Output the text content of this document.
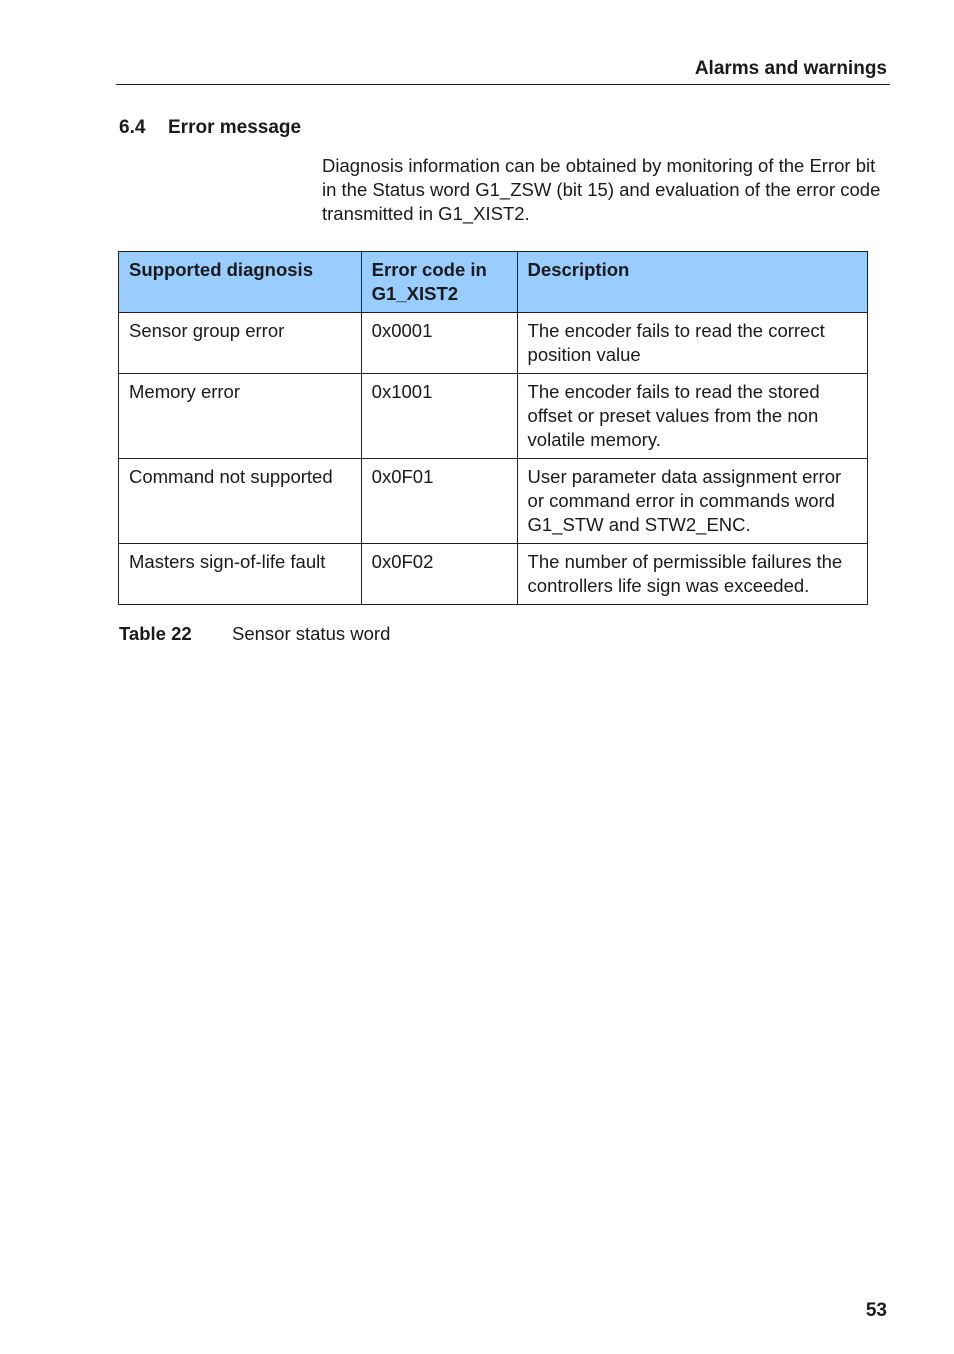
Alarms and warnings
6.4 Error message
Diagnosis information can be obtained by monitoring of the Error bit in the Status word G1_ZSW (bit 15) and evaluation of the error code transmitted in G1_XIST2.
Supported diagnosis	Error code in G1_XIST2	Description
Sensor group error	0x0001	The encoder fails to read the correct position value
Memory error	0x1001	The encoder fails to read the stored offset or preset values from the non volatile memory.
Command not supported	0x0F01	User parameter data assignment error or command error in commands word G1_STW and STW2_ENC.
Masters sign-of-life fault	0x0F02	The number of permissible failures the controllers life sign was exceeded.
Table 22 Sensor status word
53
